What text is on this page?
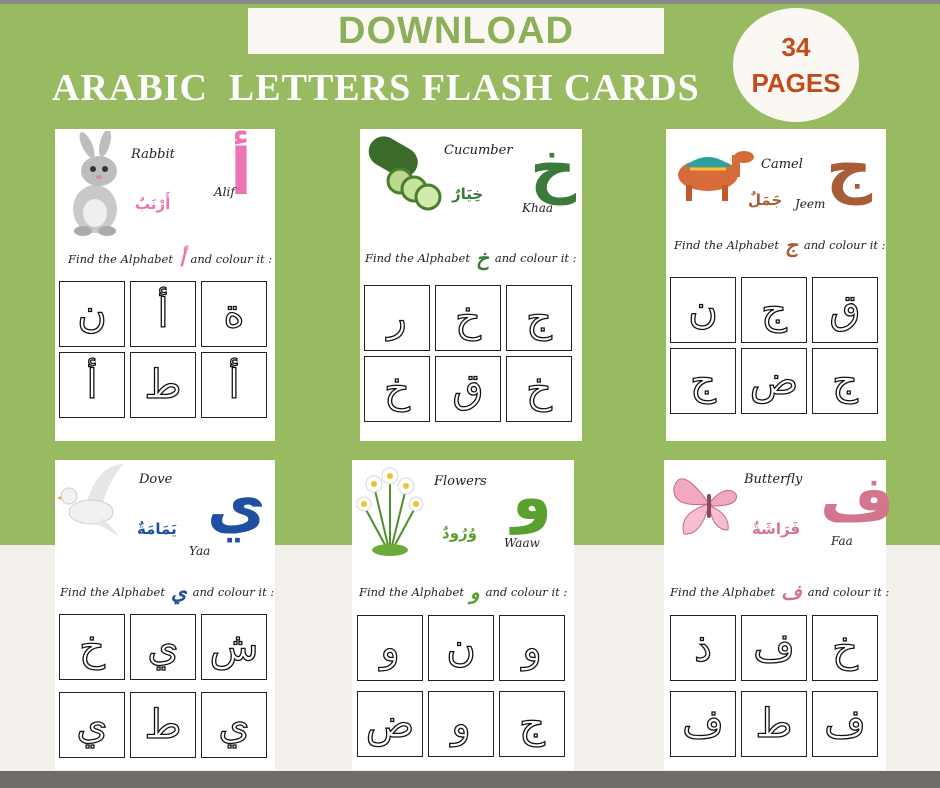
DOWNLOAD
ARABIC  LETTERS FLASH CARDS
34
PAGES
Rabbit
أَرْنَبٌ أ
Alif
Find the Alphabet أ and colour it :
ن	أ	ة
أ	ط	أ
Cucumber
خِيَارٌ خ
Khaa
Find the Alphabet خ and colour it :
ر	خ	ج
خ	ق	خ
Camel
جَمَلٌ ج
Jeem
Find the Alphabet ج and colour it :
ن	ج	ق
ج ض ج
Dove
يَمَامَةٌ ي
Yaa
Find the Alphabet ي and colour it :
خ	ي ش
ي ط ي
Flowers
وُرُودٌ و
Waaw
Find the Alphabet و and colour it :
و	ن	و
ض و	ج
Butterfly
فَرَاشَةٌ ف
Faa
Find the Alphabet ف and colour it :
ذ	ف خ
ف ط ف
